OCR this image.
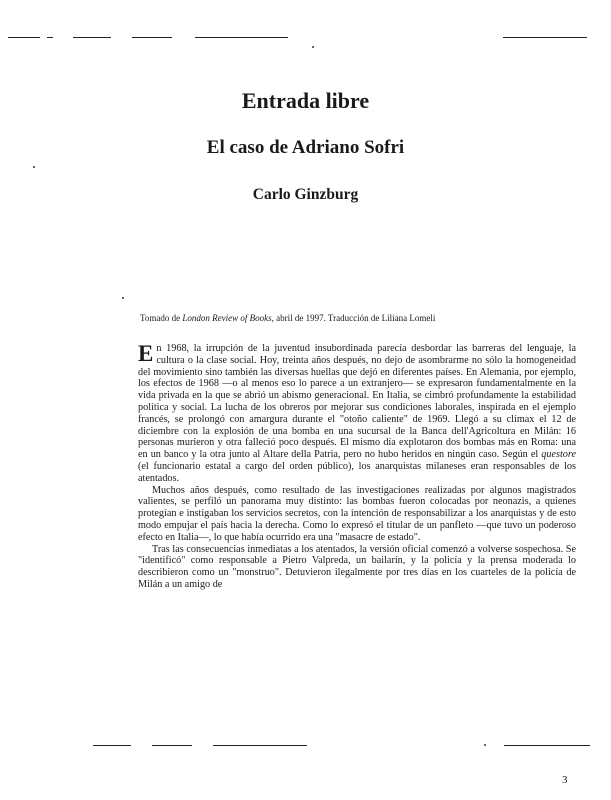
Entrada libre
El caso de Adriano Sofri
Carlo Ginzburg
Tomado de London Review of Books, abril de 1997. Traducción de Liliana Lomelí

En 1968, la irrupción de la juventud insubordinada parecía desbordar las barreras del lenguaje, la cultura o la clase social. Hoy, treinta años después, no dejo de asombrarme no sólo la homogeneidad del movimiento sino también las diversas huellas que dejó en diferentes países. En Alemania, por ejemplo, los efectos de 1968 —o al menos eso lo parece a un extranjero— se expresaron fundamentalmente en la vida privada en la que se abrió un abismo generacional. En Italia, se cimbró profundamente la estabilidad política y social. La lucha de los obreros por mejorar sus condiciones laborales, inspirada en el ejemplo francés, se prolongó con amargura durante el "otoño caliente" de 1969. Llegó a su clímax el 12 de diciembre con la explosión de una bomba en una sucursal de la Banca dell'Agricoltura en Milán: 16 personas murieron y otra falleció poco después. El mismo día explotaron dos bombas más en Roma: una en un banco y la otra junto al Altare della Patria, pero no hubo heridos en ningún caso. Según el questore (el funcionario estatal a cargo del orden público), los anarquistas milaneses eran responsables de los atentados.

Muchos años después, como resultado de las investigaciones realizadas por algunos magistrados valientes, se perfiló un panorama muy distinto: las bombas fueron colocadas por neonazis, a quienes protegían e instigaban los servicios secretos, con la intención de responsabilizar a los anarquistas y de esto modo empujar el país hacia la derecha. Como lo expresó el titular de un panfleto —que tuvo un poderoso efecto en Italia—, lo que había ocurrido era una "masacre de estado".

Tras las consecuencias inmediatas a los atentados, la versión oficial comenzó a volverse sospechosa. Se "identificó" como responsable a Pietro Valpreda, un bailarín, y la policía y la prensa moderada lo describieron como un "monstruo". Detuvieron ilegalmente por tres días en los cuarteles de la policía de Milán a un amigo de

3
